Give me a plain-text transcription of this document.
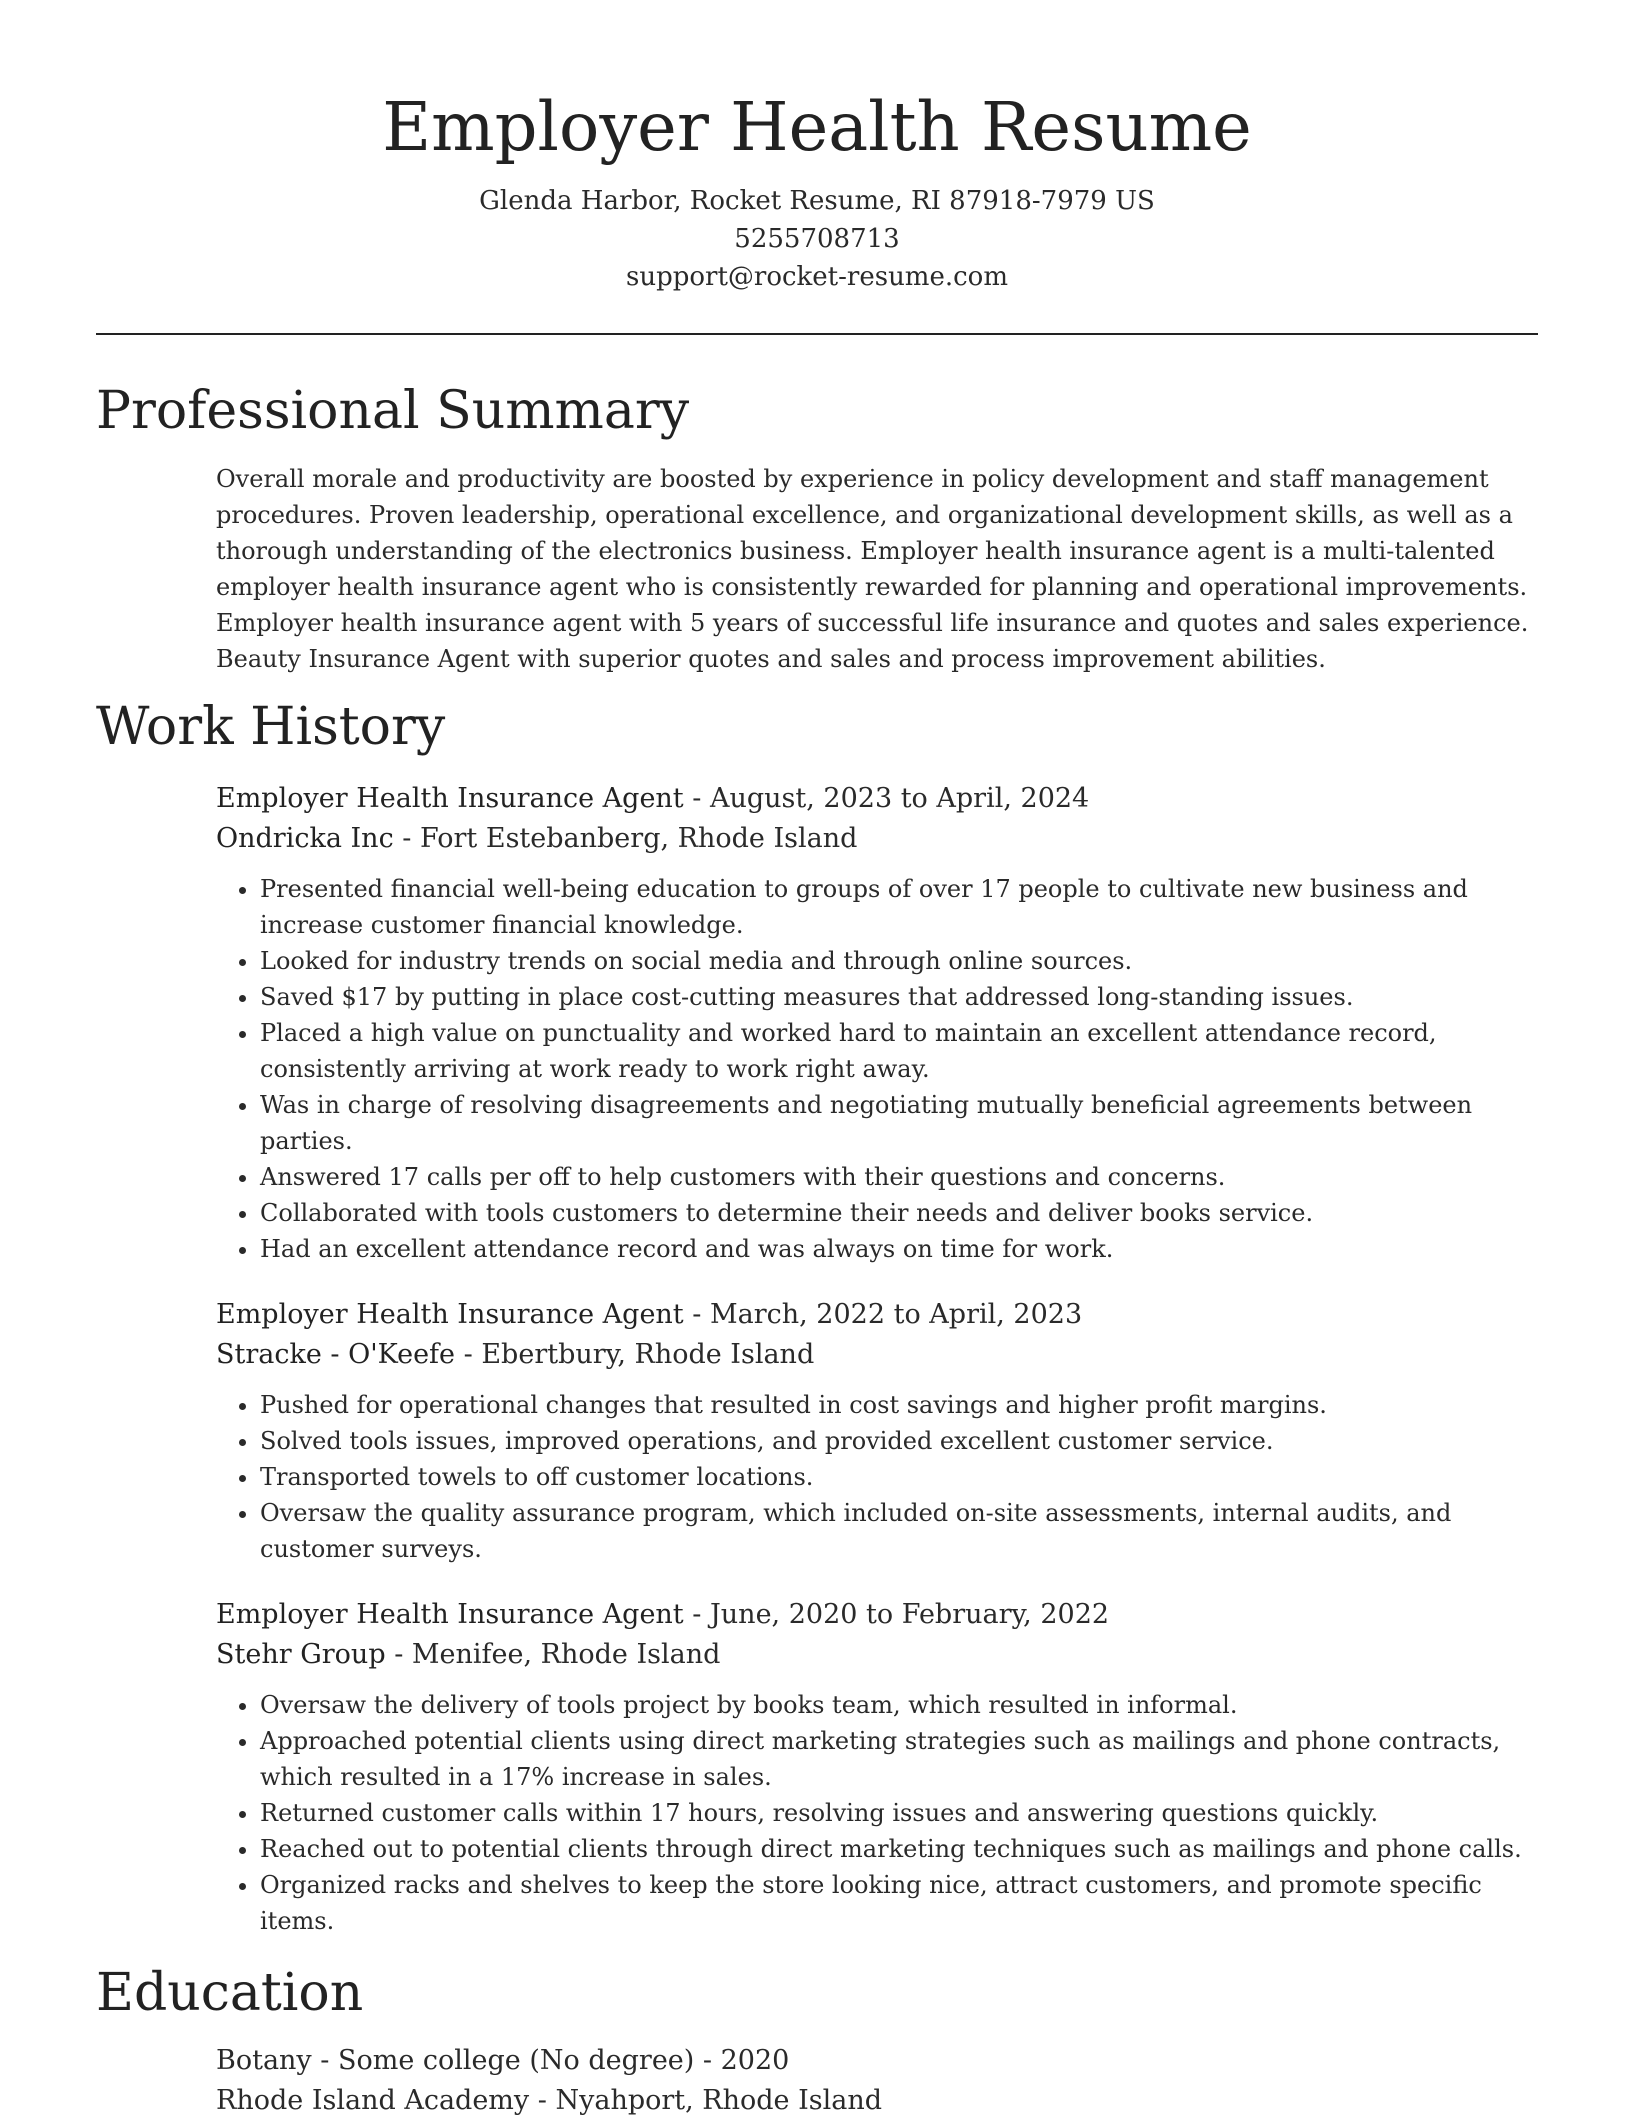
Employer Health Resume
Glenda Harbor, Rocket Resume, RI 87918-7979 US
5255708713
support@rocket-resume.com
Professional Summary
Overall morale and productivity are boosted by experience in policy development and staff management procedures. Proven leadership, operational excellence, and organizational development skills, as well as a thorough understanding of the electronics business. Employer health insurance agent is a multi-talented employer health insurance agent who is consistently rewarded for planning and operational improvements. Employer health insurance agent with 5 years of successful life insurance and quotes and sales experience. Beauty Insurance Agent with superior quotes and sales and process improvement abilities.
Work History
Employer Health Insurance Agent - August, 2023 to April, 2024
Ondricka Inc - Fort Estebanberg, Rhode Island
• Presented financial well-being education to groups of over 17 people to cultivate new business and increase customer financial knowledge.
• Looked for industry trends on social media and through online sources.
• Saved $17 by putting in place cost-cutting measures that addressed long-standing issues.
• Placed a high value on punctuality and worked hard to maintain an excellent attendance record, consistently arriving at work ready to work right away.
• Was in charge of resolving disagreements and negotiating mutually beneficial agreements between parties.
• Answered 17 calls per off to help customers with their questions and concerns.
• Collaborated with tools customers to determine their needs and deliver books service.
• Had an excellent attendance record and was always on time for work.
Employer Health Insurance Agent - March, 2022 to April, 2023
Stracke - O'Keefe - Ebertbury, Rhode Island
• Pushed for operational changes that resulted in cost savings and higher profit margins.
• Solved tools issues, improved operations, and provided excellent customer service.
• Transported towels to off customer locations.
• Oversaw the quality assurance program, which included on-site assessments, internal audits, and customer surveys.
Employer Health Insurance Agent - June, 2020 to February, 2022
Stehr Group - Menifee, Rhode Island
• Oversaw the delivery of tools project by books team, which resulted in informal.
• Approached potential clients using direct marketing strategies such as mailings and phone contracts, which resulted in a 17% increase in sales.
• Returned customer calls within 17 hours, resolving issues and answering questions quickly.
• Reached out to potential clients through direct marketing techniques such as mailings and phone calls.
• Organized racks and shelves to keep the store looking nice, attract customers, and promote specific items.
Education
Botany - Some college (No degree) - 2020
Rhode Island Academy - Nyahport, Rhode Island
